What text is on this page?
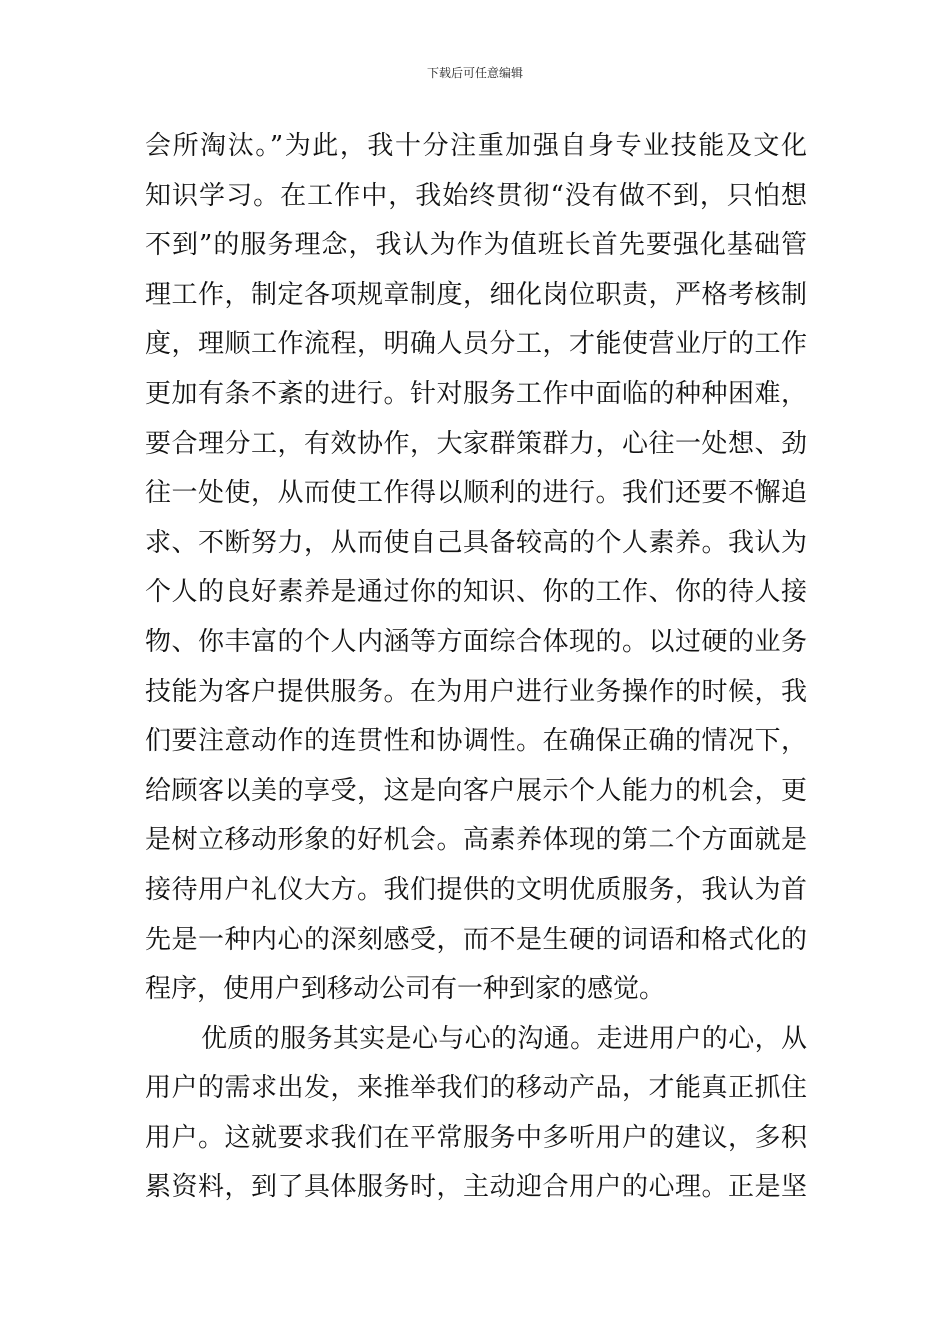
下载后可任意编辑
会所淘汰。”为此，我十分注重加强自身专业技能及文化
知识学习。在工作中，我始终贯彻“没有做不到，只怕想
不到”的服务理念，我认为作为值班长首先要强化基础管
理工作，制定各项规章制度，细化岗位职责，严格考核制
度，理顺工作流程，明确人员分工，才能使营业厅的工作
更加有条不紊的进行。针对服务工作中面临的种种困难，
要合理分工，有效协作，大家群策群力，心往一处想、劲
往一处使，从而使工作得以顺利的进行。我们还要不懈追
求、不断努力，从而使自己具备较高的个人素养。我认为
个人的良好素养是通过你的知识、你的工作、你的待人接
物、你丰富的个人内涵等方面综合体现的。以过硬的业务
技能为客户提供服务。在为用户进行业务操作的时候，我
们要注意动作的连贯性和协调性。在确保正确的情况下，
给顾客以美的享受，这是向客户展示个人能力的机会，更
是树立移动形象的好机会。高素养体现的第二个方面就是
接待用户礼仪大方。我们提供的文明优质服务，我认为首
先是一种内心的深刻感受，而不是生硬的词语和格式化的
程序，使用户到移动公司有一种到家的感觉。
优质的服务其实是心与心的沟通。走进用户的心，从
用户的需求出发，来推举我们的移动产品，才能真正抓住
用户。这就要求我们在平常服务中多听用户的建议，多积
累资料，到了具体服务时，主动迎合用户的心理。正是坚
